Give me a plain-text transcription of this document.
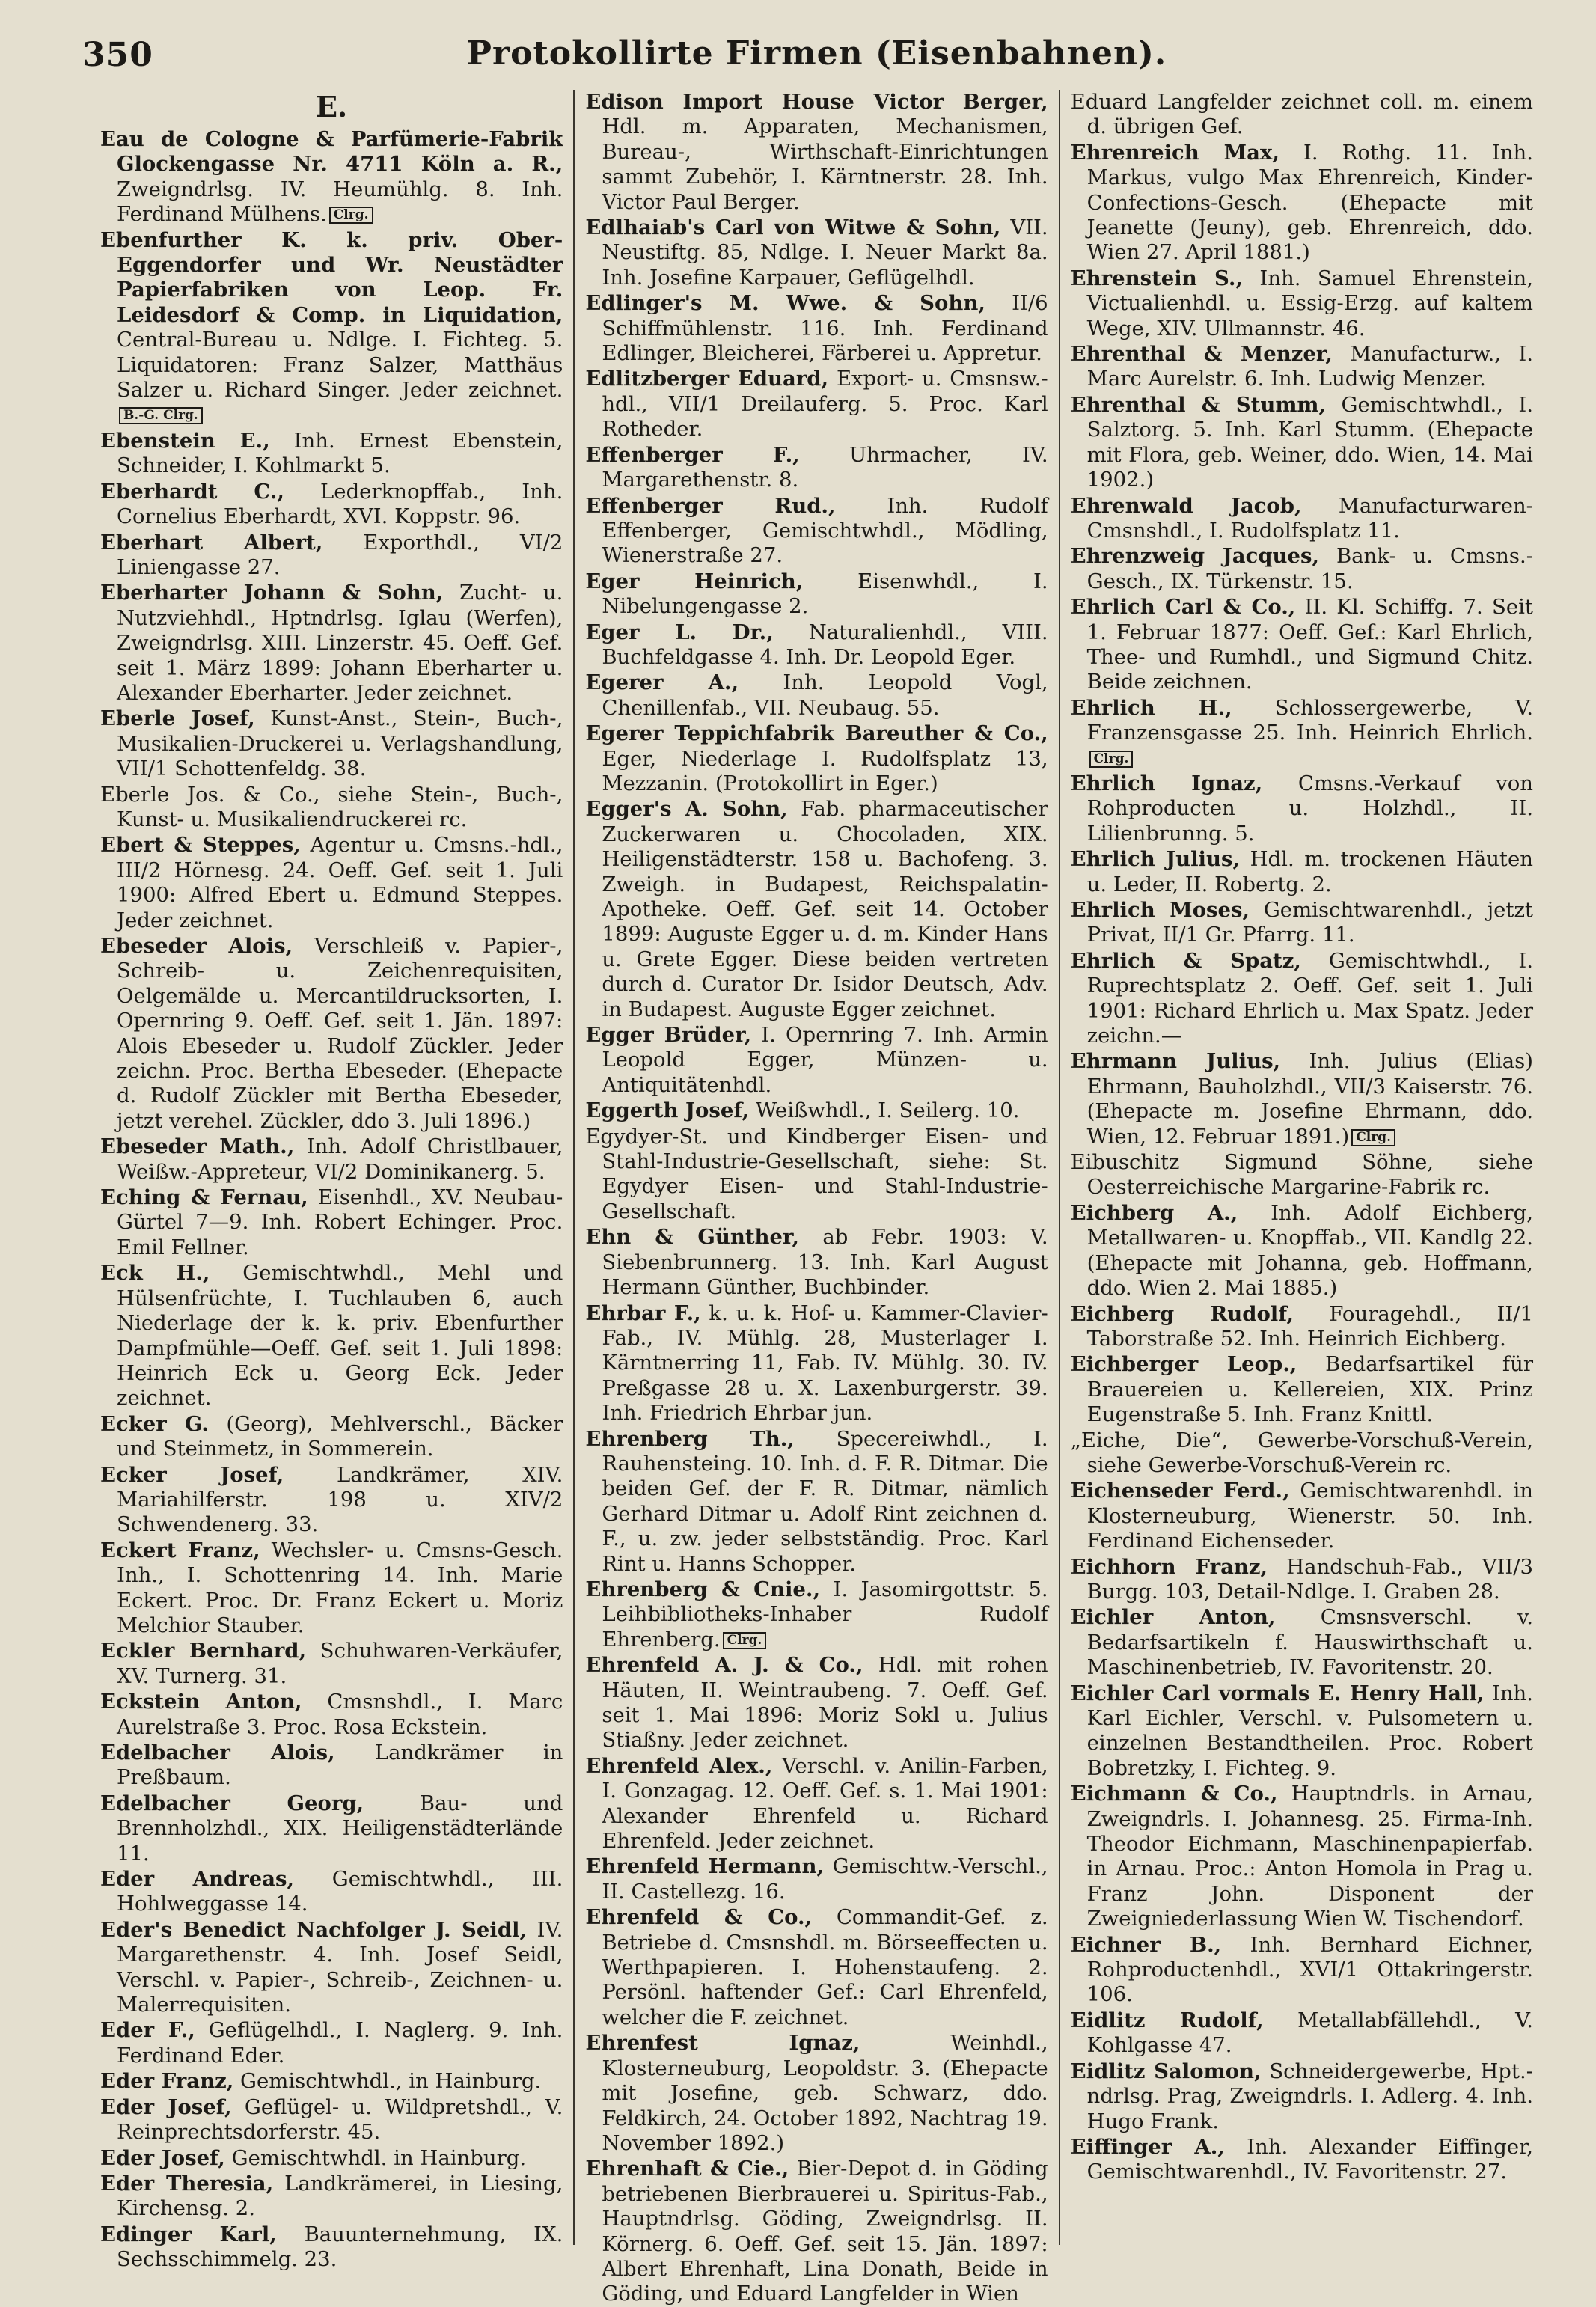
350	Protokollirte Firmen (Eisenbahnen).
E.

Eau de Cologne & Parfümerie-Fabrik Glockengasse Nr. 4711 Köln a. R., Zweigndrlsg. IV. Heumühlg. 8. Inh. Ferdinand Mülhens. Clrg.

Ebenfurther K. k. priv. Ober-Eggendorfer und Wr. Neustädter Papierfabriken von Leop. Fr. Leidesdorf & Comp. in Liquidation, Central-Bureau u. Ndlge. I. Fichteg. 5. Liquidatoren: Franz Salzer, Matthäus Salzer u. Richard Singer. Jeder zeichnet.B.-G. Clrg.

Ebenstein E., Inh. Ernest Ebenstein, Schneider, I. Kohlmarkt 5.

Eberhardt C., Lederknopffab., Inh. Cornelius Eberhardt, XVI. Koppstr. 96.

Eberhart Albert, Exporthdl., VI/2 Liniengasse 27.

Eberharter Johann & Sohn, Zucht- u. Nutzviehhdl., Hptndrlsg. Iglau (Werfen), Zweigndrlsg. XIII. Linzerstr. 45. Oeff. Gef. seit 1. März 1899: Johann Eberharter u. Alexander Eberharter. Jeder zeichnet.

Eberle Josef, Kunst-Anst., Stein-, Buch-, Musikalien-Druckerei u. Verlagshandlung, VII/1 Schottenfeldg. 38.

Eberle Jos. & Co., siehe Stein-, Buch-, Kunst- u. Musikaliendruckerei rc.

Ebert & Steppes, Agentur u. Cmsns.-hdl., III/2 Hörnesg. 24. Oeff. Gef. seit 1. Juli 1900: Alfred Ebert u. Edmund Steppes. Jeder zeichnet.

Ebeseder Alois, Verschleiß v. Papier-, Schreib- u. Zeichenrequisiten, Oelgemälde u. Mercantildrucksorten, I. Opernring 9. Oeff. Gef. seit 1. Jän. 1897: Alois Ebeseder u. Rudolf Zückler. Jeder zeichn. Proc. Bertha Ebeseder. (Ehepacte d. Rudolf Zückler mit Bertha Ebeseder, jetzt verehel. Zückler, ddo 3. Juli 1896.)

Ebeseder Math., Inh. Adolf Christlbauer, Weißw.-Appreteur, VI/2 Dominikanerg. 5.

Eching & Fernau, Eisenhdl., XV. Neubau-Gürtel 7—9. Inh. Robert Echinger. Proc. Emil Fellner.

Eck H., Gemischtwhdl., Mehl und Hülsenfrüchte, I. Tuchlauben 6, auch Niederlage der k. k. priv. Ebenfurther Dampfmühle—Oeff. Gef. seit 1. Juli 1898: Heinrich Eck u. Georg Eck. Jeder zeichnet.

Ecker G. (Georg), Mehlverschl., Bäcker und Steinmetz, in Sommerein.

Ecker Josef,	Landkrämer, XIV. Mariahilferstr. 198 u. XIV/2 Schwendenerg. 33.

Eckert Franz, Wechsler- u. Cmsns-Gesch. Inh., I. Schottenring 14. Inh. Marie Eckert. Proc. Dr. Franz Eckert u. Moriz Melchior Stauber.

Eckler Bernhard, Schuhwaren-Verkäufer, XV. Turnerg. 31.

Eckstein Anton, Cmsnshdl., I. Marc Aurelstraße 3. Proc. Rosa Eckstein.

Edelbacher Alois, Landkrämer in Preßbaum.

Edelbacher Georg,	Bau- und Brennholzhdl., XIX. Heiligenstädterlände 11.

Eder Andreas, Gemischtwhdl., III. Hohlweggasse 14.

Eder's Benedict Nachfolger J. Seidl, IV. Margarethenstr. 4. Inh. Josef Seidl, Verschl. v. Papier-, Schreib-, Zeichnen- u. Malerrequisiten.

Eder F., Geflügelhdl., I. Naglerg. 9. Inh. Ferdinand Eder.

Eder Franz, Gemischtwhdl., in Hainburg.

Eder Josef, Geflügel- u. Wildpretshdl., V. Reinprechtsdorferstr. 45.

Eder Josef, Gemischtwhdl. in Hainburg.

Eder Theresia, Landkrämerei, in Liesing, Kirchensg. 2.

Edinger Karl, Bauunternehmung, IX. Sechsschimmelg. 23.

Edison Import House Victor Berger, Hdl. m. Apparaten, Mechanismen, Bureau-, Wirthschaft-Einrichtungen sammt Zubehör, I. Kärntnerstr. 28. Inh. Victor Paul Berger.

Edlhaiab's Carl von Witwe & Sohn, VII. Neustiftg. 85, Ndlge. I. Neuer Markt 8a. Inh. Josefine Karpauer, Geflügelhdl.

Edlinger's M. Wwe. & Sohn, II/6 Schiffmühlenstr. 116. Inh. Ferdinand Edlinger, Bleicherei, Färberei u. Appretur.

Edlitzberger Eduard, Export- u. Cmsnsw.-hdl., VII/1 Dreilauferg. 5. Proc. Karl Rotheder.

Effenberger F., Uhrmacher, IV. Margarethenstr. 8.

Effenberger Rud.,	Inh. Rudolf Effenberger, Gemischtwhdl., Mödling, Wienerstraße 27.

Eger Heinrich,	Eisenwhdl., I. Nibelungengasse 2.

Eger L. Dr., Naturalienhdl., VIII. Buchfeldgasse 4. Inh. Dr. Leopold Eger.

Egerer A., Inh. Leopold Vogl, Chenillenfab., VII. Neubaug. 55.

Egerer Teppichfabrik Bareuther & Co., Eger, Niederlage I. Rudolfsplatz 13, Mezzanin. (Protokollirt in Eger.)

Egger's A. Sohn, Fab. pharmaceutischer Zuckerwaren u. Chocoladen, XIX. Heiligenstädterstr. 158 u. Bachofeng. 3. Zweigh. in Budapest, Reichspalatin-Apotheke. Oeff. Gef. seit 14. October 1899: Auguste Egger u. d. m. Kinder Hans u. Grete Egger. Diese beiden vertreten durch d. Curator Dr. Isidor Deutsch, Adv. in Budapest. Auguste Egger zeichnet.

Egger Brüder, I. Opernring 7. Inh. Armin Leopold Egger, Münzen- u. Antiquitätenhdl.

Eggerth Josef, Weißwhdl., I. Seilerg. 10.

Egydyer-St. und Kindberger Eisen- und Stahl-Industrie-Gesellschaft, siehe: St. Egydyer Eisen- und Stahl-Industrie-Gesellschaft.

Ehn & Günther, ab Febr. 1903: V. Siebenbrunnerg. 13. Inh. Karl August Hermann Günther, Buchbinder.

Ehrbar F., k. u. k. Hof- u. Kammer-Clavier-Fab., IV. Mühlg. 28, Musterlager I. Kärntnerring 11, Fab. IV. Mühlg. 30. IV. Preßgasse 28 u. X. Laxenburgerstr. 39. Inh. Friedrich Ehrbar jun.

Ehrenberg Th., Specereiwhdl., I. Rauhensteing. 10. Inh. d. F. R. Ditmar. Die beiden Gef. der F. R. Ditmar, nämlich Gerhard Ditmar u. Adolf Rint zeichnen d. F., u. zw. jeder selbstständig. Proc. Karl Rint u. Hanns Schopper.

Ehrenberg & Cnie., I. Jasomirgottstr. 5. Leihbibliotheks-Inhaber Rudolf Ehrenberg. Clrg.

Ehrenfeld A. J. & Co., Hdl. mit rohen Häuten, II. Weintraubeng. 7. Oeff. Gef. seit 1. Mai 1896: Moriz Sokl u. Julius Stiaßny. Jeder zeichnet.

Ehrenfeld Alex., Verschl. v. Anilin-Farben, I. Gonzagag. 12. Oeff. Gef. s. 1. Mai 1901: Alexander Ehrenfeld u. Richard Ehrenfeld. Jeder zeichnet.

Ehrenfeld Hermann, Gemischtw.-Verschl., II. Castellezg. 16.

Ehrenfeld & Co., Commandit-Gef. z. Betriebe d. Cmsnshdl. m. Börseeffecten u. Werthpapieren. I. Hohenstaufeng. 2. Persönl. haftender Gef.: Carl Ehrenfeld, welcher die F. zeichnet.

Ehrenfest Ignaz,	Weinhdl., Klosterneuburg, Leopoldstr. 3. (Ehepacte mit Josefine, geb. Schwarz, ddo. Feldkirch, 24. October 1892, Nachtrag 19. November 1892.)

Ehrenhaft & Cie., Bier-Depot d. in Göding betriebenen Bierbrauerei u. Spiritus-Fab., Hauptndrlsg. Göding, Zweigndrlsg. II. Körnerg. 6. Oeff. Gef. seit 15. Jän. 1897: Albert Ehrenhaft, Lina Donath, Beide in Göding, und Eduard Langfelder in Wien

Eduard Langfelder zeichnet coll. m. einem d. übrigen Gef.

Ehrenreich Max, I. Rothg. 11. Inh. Markus, vulgo Max Ehrenreich, Kinder-Confections-Gesch. (Ehepacte mit Jeanette (Jeuny), geb. Ehrenreich, ddo. Wien 27. April 1881.)

Ehrenstein S., Inh. Samuel Ehrenstein, Victualienhdl. u. Essig-Erzg. auf kaltem Wege, XIV. Ullmannstr. 46.

Ehrenthal & Menzer, Manufacturw., I. Marc Aurelstr. 6. Inh. Ludwig Menzer.

Ehrenthal & Stumm, Gemischtwhdl., I. Salztorg. 5. Inh. Karl Stumm. (Ehepacte mit Flora, geb. Weiner, ddo. Wien, 14. Mai 1902.)

Ehrenwald Jacob, Manufacturwaren-Cmsnshdl., I. Rudolfsplatz 11.

Ehrenzweig Jacques, Bank- u. Cmsns.-Gesch., IX. Türkenstr. 15.

Ehrlich Carl & Co., II. Kl. Schiffg. 7. Seit 1. Februar 1877: Oeff. Gef.: Karl Ehrlich, Thee- und Rumhdl., und Sigmund Chitz. Beide zeichnen.

Ehrlich H., Schlossergewerbe, V. Franzensgasse 25. Inh. Heinrich Ehrlich.Clrg.

Ehrlich Ignaz, Cmsns.-Verkauf von Rohproducten u. Holzhdl., II. Lilienbrunng. 5.

Ehrlich Julius, Hdl. m. trockenen Häuten u. Leder, II. Robertg. 2.

Ehrlich Moses, Gemischtwarenhdl., jetzt Privat, II/1 Gr. Pfarrg. 11.

Ehrlich & Spatz, Gemischtwhdl., I. Ruprechtsplatz 2. Oeff. Gef. seit 1. Juli 1901: Richard Ehrlich u. Max Spatz. Jeder zeichn.—

Ehrmann Julius, Inh. Julius (Elias) Ehrmann, Bauholzhdl., VII/3 Kaiserstr. 76. (Ehepacte m. Josefine Ehrmann, ddo. Wien, 12. Februar 1891.) Clrg.

Eibuschitz Sigmund Söhne, siehe Oesterreichische Margarine-Fabrik rc.

Eichberg A., Inh. Adolf Eichberg, Metallwaren- u. Knopffab., VII. Kandlg 22. (Ehepacte mit Johanna, geb. Hoffmann, ddo. Wien 2. Mai 1885.)

Eichberg Rudolf, Fouragehdl., II/1 Taborstraße 52. Inh. Heinrich Eichberg.

Eichberger Leop., Bedarfsartikel für Brauereien u. Kellereien, XIX. Prinz Eugenstraße 5. Inh. Franz Knittl.

„Eiche, Die“, Gewerbe-Vorschuß-Verein, siehe Gewerbe-Vorschuß-Verein rc.

Eichenseder Ferd., Gemischtwarenhdl. in Klosterneuburg, Wienerstr. 50. Inh. Ferdinand Eichenseder.

Eichhorn Franz, Handschuh-Fab., VII/3 Burgg. 103, Detail-Ndlge. I. Graben 28.

Eichler Anton, Cmsnsverschl. v. Bedarfsartikeln f. Hauswirthschaft u. Maschinenbetrieb, IV. Favoritenstr. 20.

Eichler Carl vormals E. Henry Hall, Inh. Karl Eichler, Verschl. v. Pulsometern u. einzelnen Bestandtheilen. Proc. Robert Bobretzky, I. Fichteg. 9.

Eichmann & Co., Hauptndrls. in Arnau, Zweigndrls. I. Johannesg. 25. Firma-Inh. Theodor Eichmann, Maschinenpapierfab. in Arnau. Proc.: Anton Homola in Prag u. Franz John. Disponent der Zweigniederlassung Wien W. Tischendorf.

Eichner B., Inh. Bernhard Eichner, Rohproductenhdl., XVI/1 Ottakringerstr. 106.

Eidlitz Rudolf, Metallabfällehdl., V. Kohlgasse 47.

Eidlitz Salomon, Schneidergewerbe, Hpt.-ndrlsg. Prag, Zweigndrls. I. Adlerg. 4. Inh. Hugo Frank.

Eiffinger A., Inh. Alexander Eiffinger, Gemischtwarenhdl., IV. Favoritenstr. 27.
